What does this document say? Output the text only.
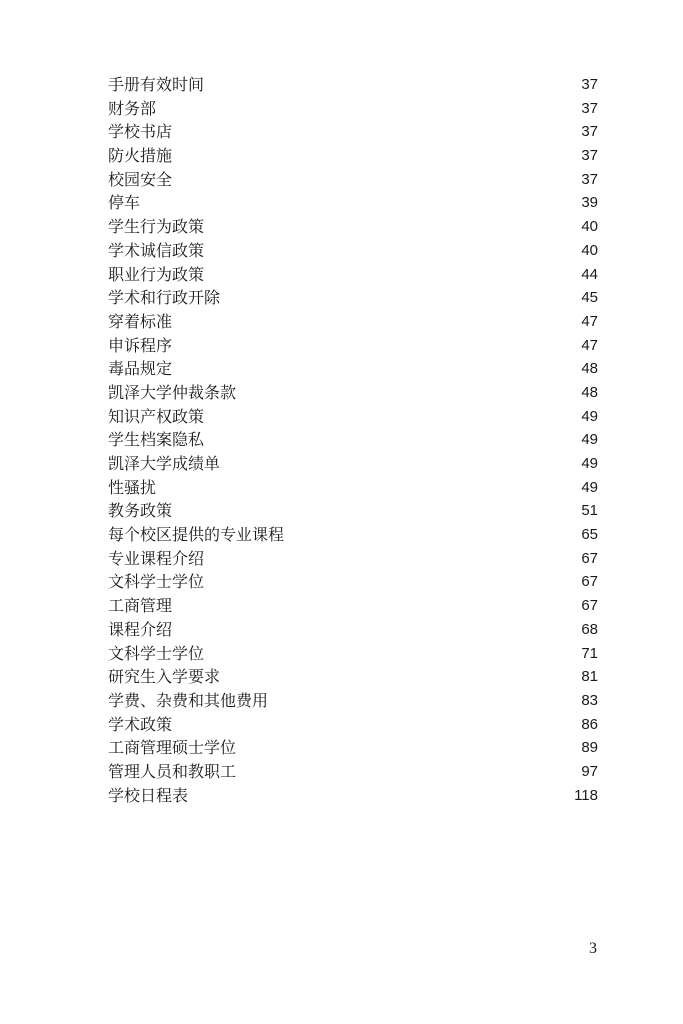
手册有效时间	37
财务部	37
学校书店	37
防火措施	37
校园安全	37
停车	39
学生行为政策	40
学术诚信政策	40
职业行为政策	44
学术和行政开除	45
穿着标准	47
申诉程序	47
毒品规定	48
凯泽大学仲裁条款	48
知识产权政策	49
学生档案隐私	49
凯泽大学成绩单	49
性骚扰	49
教务政策	51
每个校区提供的专业课程	65
专业课程介绍	67
文科学士学位	67
工商管理	67
课程介绍	68
文科学士学位	71
研究生入学要求	81
学费、杂费和其他费用	83
学术政策	86
工商管理硕士学位	89
管理人员和教职工	97
学校日程表	118
3
